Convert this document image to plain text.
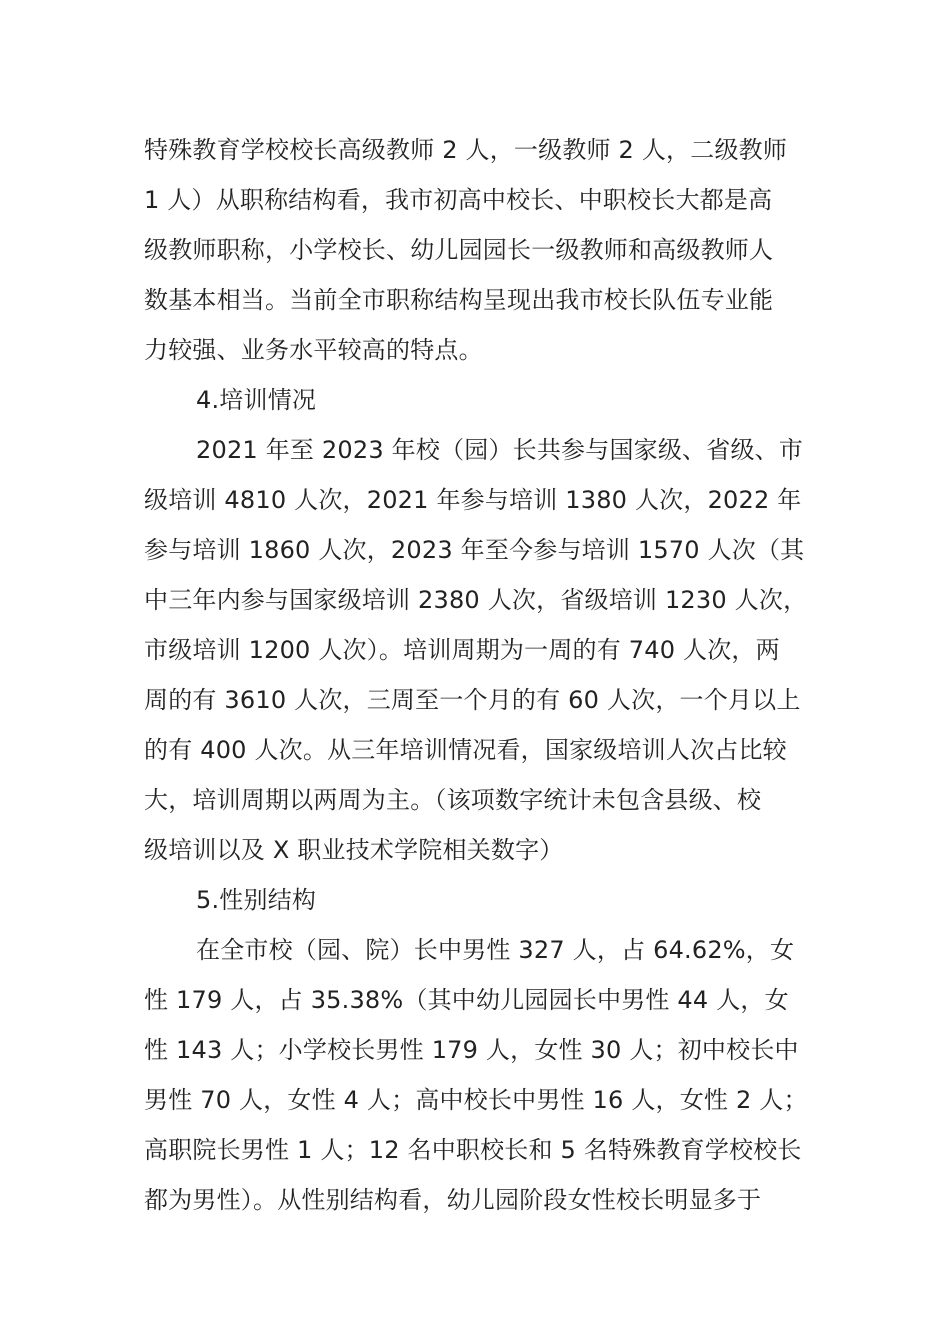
特殊教育学校校长高级教师 2 人，一级教师 2 人，二级教师
1 人）从职称结构看，我市初高中校长、中职校长大都是高
级教师职称，小学校长、幼儿园园长一级教师和高级教师人
数基本相当。当前全市职称结构呈现出我市校长队伍专业能
力较强、业务水平较高的特点。
4.培训情况
2021 年至 2023 年校（园）长共参与国家级、省级、市
级培训 4810 人次，2021 年参与培训 1380 人次，2022 年
参与培训 1860 人次，2023 年至今参与培训 1570 人次（其
中三年内参与国家级培训 2380 人次，省级培训 1230 人次，
市级培训 1200 人次）。培训周期为一周的有 740 人次，两
周的有 3610 人次，三周至一个月的有 60 人次，一个月以上
的有 400 人次。从三年培训情况看，国家级培训人次占比较
大，培训周期以两周为主。（该项数字统计未包含县级、校
级培训以及 X 职业技术学院相关数字）
5.性别结构
在全市校（园、院）长中男性 327 人，占 64.62%，女
性 179 人，占 35.38%（其中幼儿园园长中男性 44 人，女
性 143 人；小学校长男性 179 人，女性 30 人；初中校长中
男性 70 人，女性 4 人；高中校长中男性 16 人，女性 2 人；
高职院长男性 1 人；12 名中职校长和 5 名特殊教育学校校长
都为男性）。从性别结构看，幼儿园阶段女性校长明显多于
